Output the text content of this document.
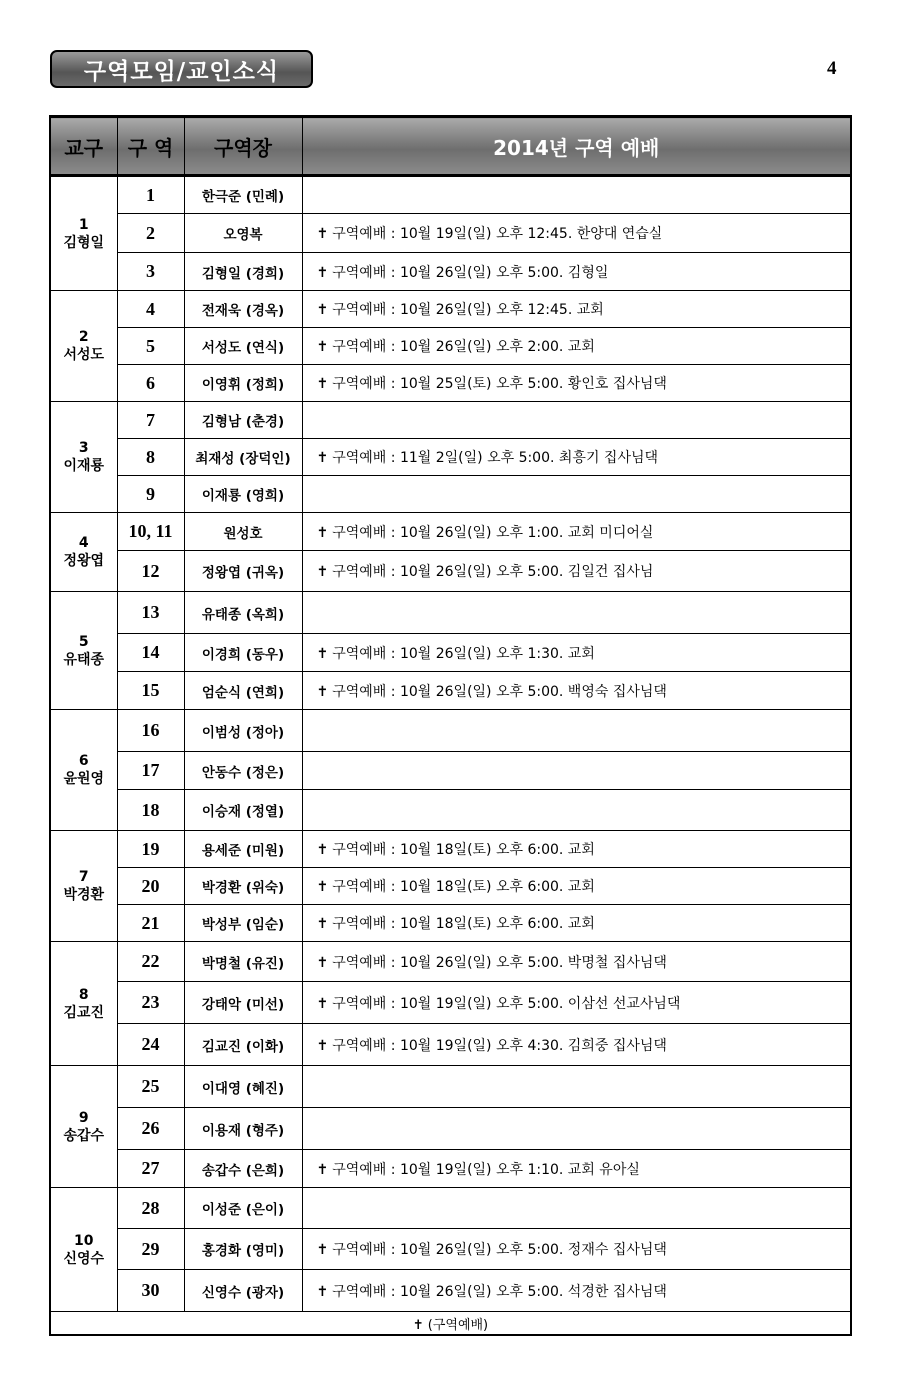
구역모임/교인소식	4
교구	구 역	구역장	2014년 구역 예배

1
김형일	1	한극준 (민례)	
	2	오영복	✝ 구역예배 : 10월 19일(일) 오후 12:45. 한양대 연습실
	3	김형일 (경희)	✝ 구역예배 : 10월 26일(일) 오후 5:00. 김형일

2
서성도	4	전재욱 (경옥)	✝ 구역예배 : 10월 26일(일) 오후 12:45. 교회
	5	서성도 (연식)	✝ 구역예배 : 10월 26일(일) 오후 2:00. 교회
	6	이영휘 (정희)	✝ 구역예배 : 10월 25일(토) 오후 5:00. 황인호 집사님댁

3
이재룡	7	김형남 (춘경)	
	8	최재성 (장덕인)	✝ 구역예배 : 11월 2일(일) 오후 5:00. 최흥기 집사님댁
	9	이재룡 (영희)	

4
정왕엽	10, 11	원성호	✝ 구역예배 : 10월 26일(일) 오후 1:00. 교회 미디어실
	12	정왕엽 (귀옥)	✝ 구역예배 : 10월 26일(일) 오후 5:00. 김일건 집사님

5
유태종	13	유태종 (옥희)	
	14	이경희 (동우)	✝ 구역예배 : 10월 26일(일) 오후 1:30. 교회
	15	엄순식 (연희)	✝ 구역예배 : 10월 26일(일) 오후 5:00. 백영숙 집사님댁

6
윤원영	16	이범성 (정아)	
	17	안동수 (정은)	
	18	이승재 (정열)	

7
박경환	19	용세준 (미원)	✝ 구역예배 : 10월 18일(토) 오후 6:00. 교회
	20	박경환 (위숙)	✝ 구역예배 : 10월 18일(토) 오후 6:00. 교회
	21	박성부 (임순)	✝ 구역예배 : 10월 18일(토) 오후 6:00. 교회

8
김교진	22	박명철 (유진)	✝ 구역예배 : 10월 26일(일) 오후 5:00. 박명철 집사님댁
	23	강태악 (미선)	✝ 구역예배 : 10월 19일(일) 오후 5:00. 이삼선 선교사님댁
	24	김교진 (이화)	✝ 구역예배 : 10월 19일(일) 오후 4:30. 김희중 집사님댁

9
송갑수	25	이대영 (혜진)	
	26	이용재 (형주)	
	27	송갑수 (은희)	✝ 구역예배 : 10월 19일(일) 오후 1:10. 교회 유아실

10
신영수	28	이성준 (은이)	
	29	홍경화 (영미)	✝ 구역예배 : 10월 26일(일) 오후 5:00. 정재수 집사님댁
	30	신영수 (광자)	✝ 구역예배 : 10월 26일(일) 오후 5:00. 석경한 집사님댁
✝ (구역예배)			
